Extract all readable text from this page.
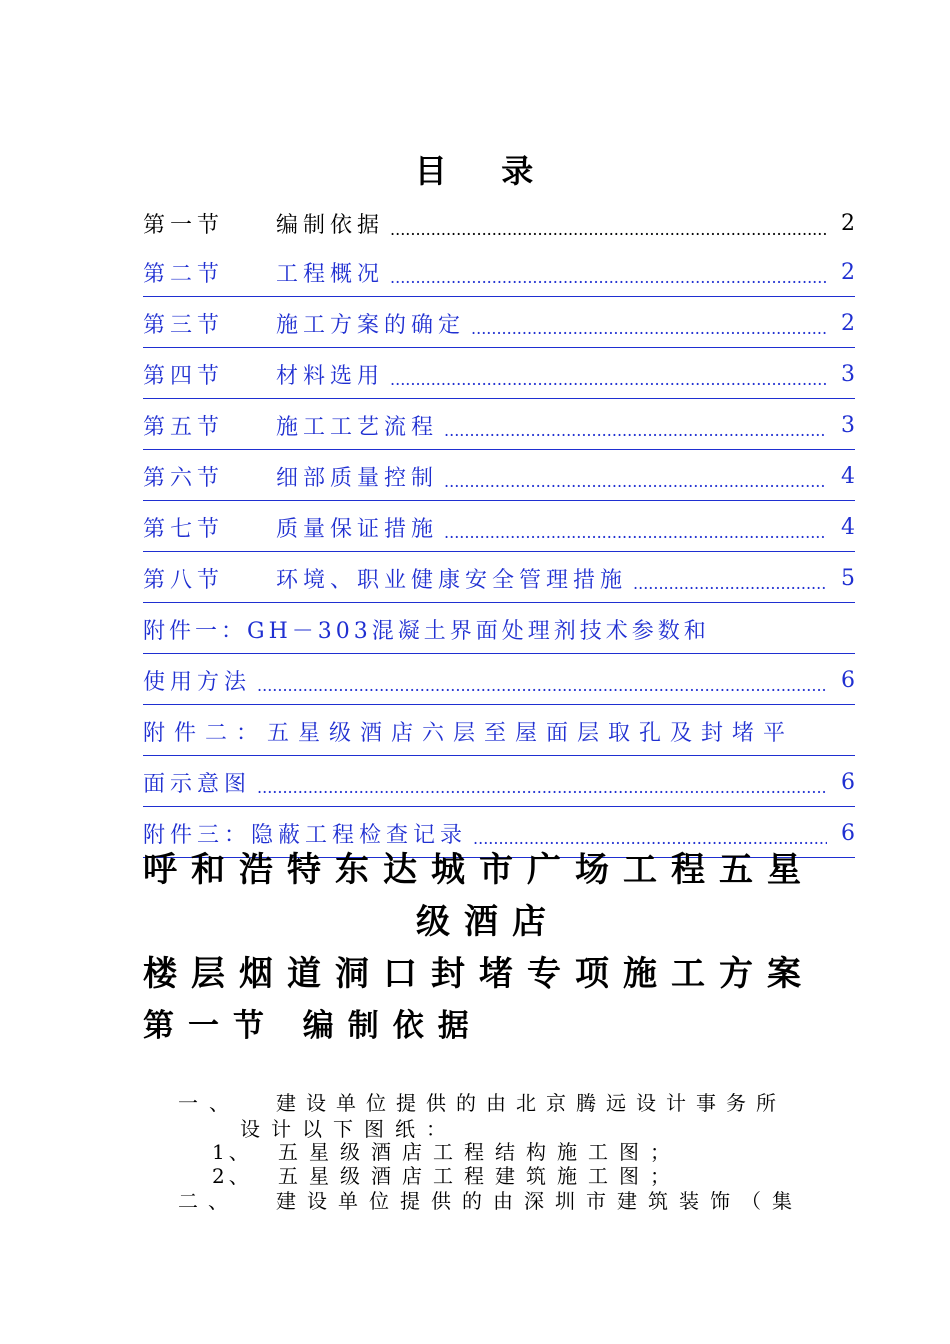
目    录
第一节	编制依据 .....	2
第二节	工程概况 .....	2
第三节	施工方案的确定 .....	2
第四节	材料选用 .....	3
第五节	施工工艺流程 .....	3
第六节	细部质量控制 .....	4
第七节	质量保证措施 .....	4
第八节	环境、职业健康安全管理措施 .....	5
附件一：GH－303混凝土界面处理剂技术参数和
使用方法 .....	6
附件二：五星级酒店六层至屋面层取孔及封堵平
面示意图 .....	6
附件三：隐蔽工程检查记录 .....	6
呼和浩特东达城市广场工程五星
级酒店
楼层烟道洞口封堵专项施工方案
第一节 编制依据
一、 建设单位提供的由北京腾远设计事务所
设计以下图纸：
1、 五星级酒店工程结构施工图；
2、 五星级酒店工程建筑施工图；
二、 建设单位提供的由深圳市建筑装饰（集
